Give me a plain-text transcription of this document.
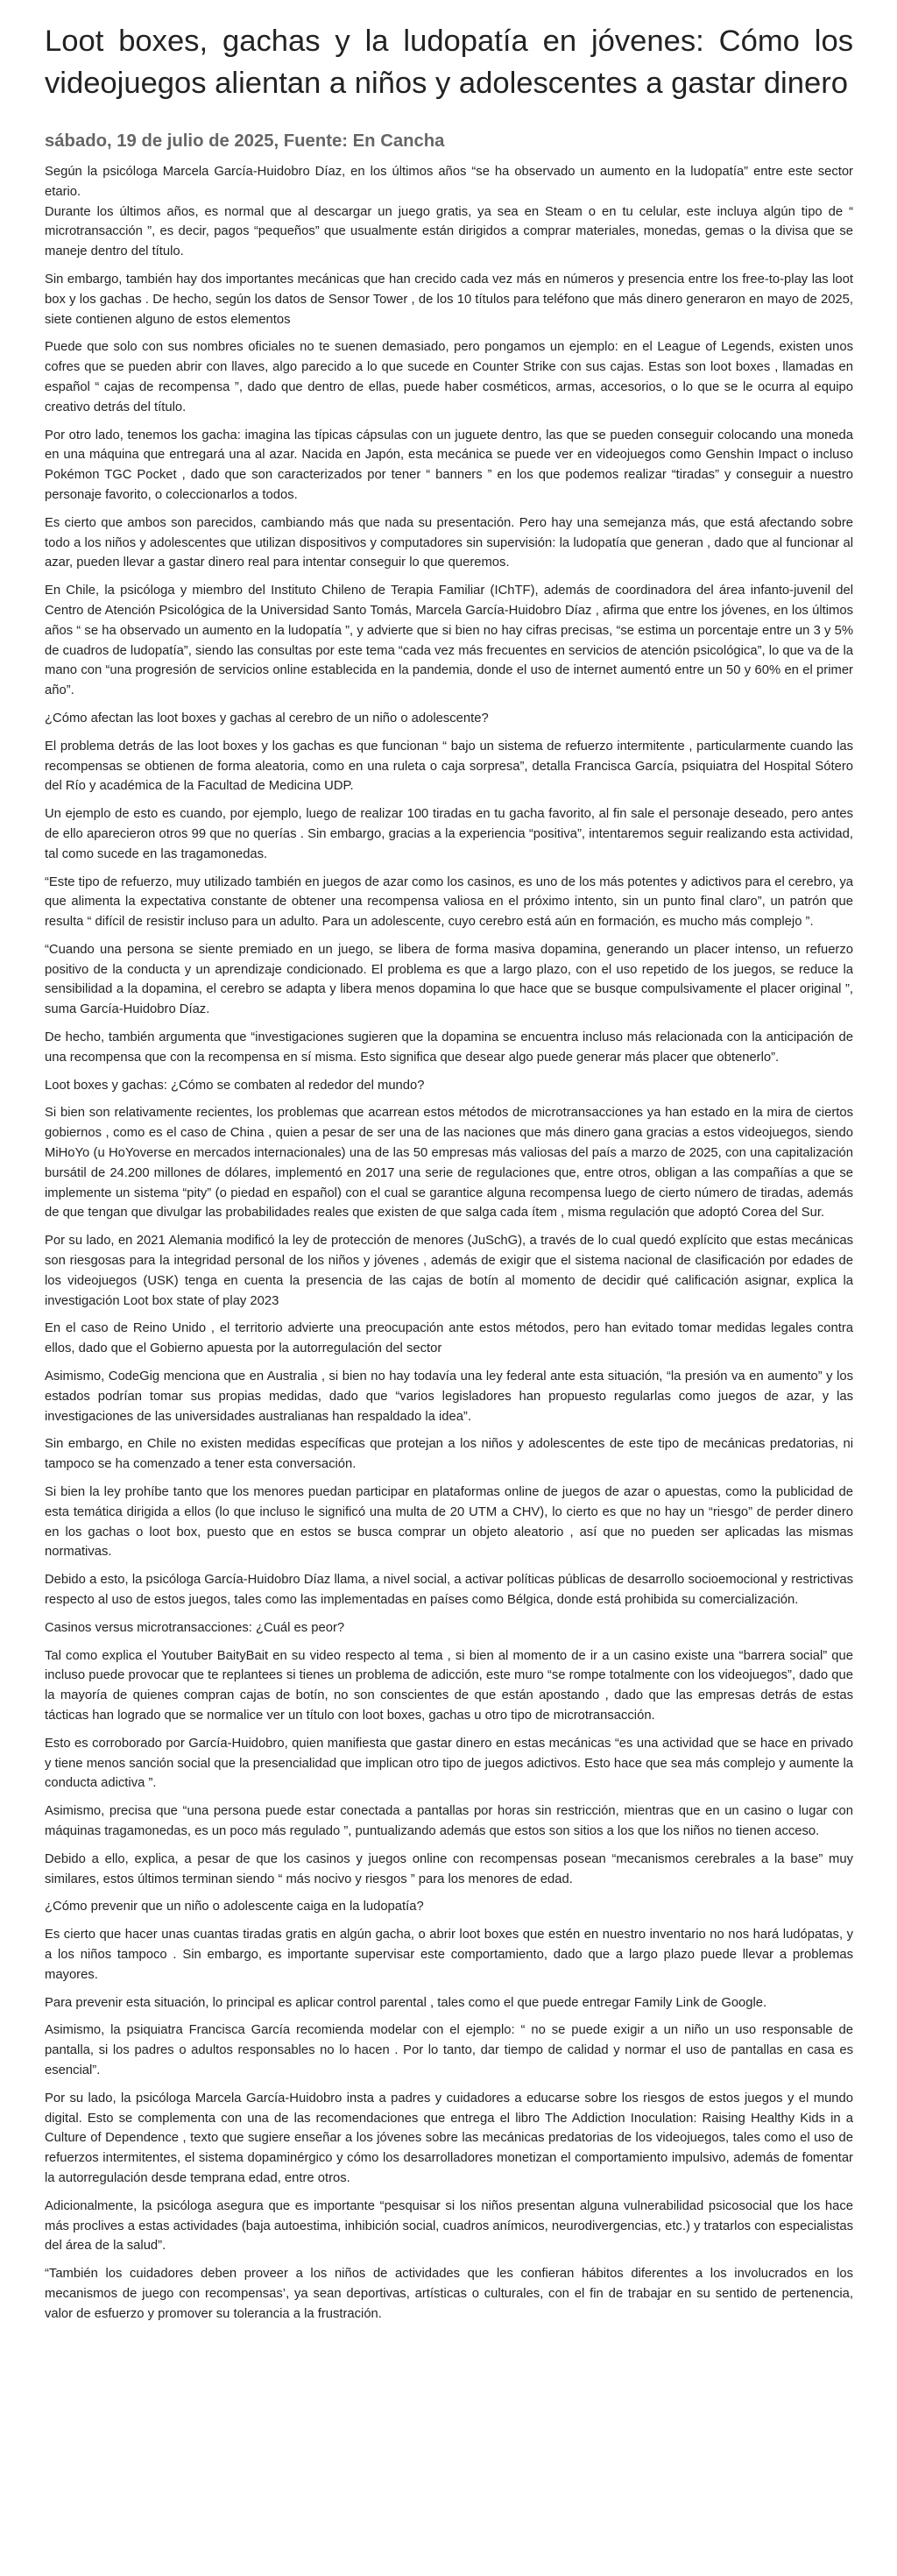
Loot boxes, gachas y la ludopatía en jóvenes: Cómo los videojuegos alientan a niños y adolescentes a gastar dinero
sábado, 19 de julio de 2025, Fuente: En Cancha

Según la psicóloga Marcela García-Huidobro Díaz, en los últimos años “se ha observado un aumento en la ludopatía” entre este sector etario.
Durante los últimos años, es normal que al descargar un juego gratis, ya sea en Steam o en tu celular, este incluya algún tipo de “ microtransacción ”, es decir, pagos “pequeños” que usualmente están dirigidos a comprar materiales, monedas, gemas o la divisa que se maneje dentro del título.

Sin embargo, también hay dos importantes mecánicas que han crecido cada vez más en números y presencia entre los free-to-play las loot box y los gachas . De hecho, según los datos de Sensor Tower , de los 10 títulos para teléfono que más dinero generaron en mayo de 2025, siete contienen alguno de estos elementos

Puede que solo con sus nombres oficiales no te suenen demasiado, pero pongamos un ejemplo: en el League of Legends, existen unos cofres que se pueden abrir con llaves, algo parecido a lo que sucede en Counter Strike con sus cajas. Estas son loot boxes , llamadas en español “ cajas de recompensa ”, dado que dentro de ellas, puede haber cosméticos, armas, accesorios, o lo que se le ocurra al equipo creativo detrás del título.

Por otro lado, tenemos los gacha: imagina las típicas cápsulas con un juguete dentro, las que se pueden conseguir colocando una moneda en una máquina que entregará una al azar. Nacida en Japón, esta mecánica se puede ver en videojuegos como Genshin Impact o incluso Pokémon TGC Pocket , dado que son caracterizados por tener “ banners ” en los que podemos realizar “tiradas” y conseguir a nuestro personaje favorito, o coleccionarlos a todos.

Es cierto que ambos son parecidos, cambiando más que nada su presentación. Pero hay una semejanza más, que está afectando sobre todo a los niños y adolescentes que utilizan dispositivos y computadores sin supervisión: la ludopatía que generan , dado que al funcionar al azar, pueden llevar a gastar dinero real para intentar conseguir lo que queremos.

En Chile, la psicóloga y miembro del Instituto Chileno de Terapia Familiar (IChTF), además de coordinadora del área infanto-juvenil del Centro de Atención Psicológica de la Universidad Santo Tomás, Marcela García-Huidobro Díaz , afirma que entre los jóvenes, en los últimos años “ se ha observado un aumento en la ludopatía ”, y advierte que si bien no hay cifras precisas, “se estima un porcentaje entre un 3 y 5% de cuadros de ludopatía”, siendo las consultas por este tema “cada vez más frecuentes en servicios de atención psicológica”, lo que va de la mano con “una progresión de servicios online establecida en la pandemia, donde el uso de internet aumentó entre un 50 y 60% en el primer año”.

¿Cómo afectan las loot boxes y gachas al cerebro de un niño o adolescente?

El problema detrás de las loot boxes y los gachas es que funcionan “ bajo un sistema de refuerzo intermitente , particularmente cuando las recompensas se obtienen de forma aleatoria, como en una ruleta o caja sorpresa”, detalla Francisca García, psiquiatra del Hospital Sótero del Río y académica de la Facultad de Medicina UDP.

Un ejemplo de esto es cuando, por ejemplo, luego de realizar 100 tiradas en tu gacha favorito, al fin sale el personaje deseado, pero antes de ello aparecieron otros 99 que no querías . Sin embargo, gracias a la experiencia “positiva”, intentaremos seguir realizando esta actividad, tal como sucede en las tragamonedas.

“Este tipo de refuerzo, muy utilizado también en juegos de azar como los casinos, es uno de los más potentes y adictivos para el cerebro, ya que alimenta la expectativa constante de obtener una recompensa valiosa en el próximo intento, sin un punto final claro”, un patrón que resulta “ difícil de resistir incluso para un adulto. Para un adolescente, cuyo cerebro está aún en formación, es mucho más complejo ”.

“Cuando una persona se siente premiado en un juego, se libera de forma masiva dopamina, generando un placer intenso, un refuerzo positivo de la conducta y un aprendizaje condicionado. El problema es que a largo plazo, con el uso repetido de los juegos, se reduce la sensibilidad a la dopamina, el cerebro se adapta y libera menos dopamina lo que hace que se busque compulsivamente el placer original ”, suma García-Huidobro Díaz.

De hecho, también argumenta que “investigaciones sugieren que la dopamina se encuentra incluso más relacionada con la anticipación de una recompensa que con la recompensa en sí misma. Esto significa que desear algo puede generar más placer que obtenerlo”.

Loot boxes y gachas: ¿Cómo se combaten al rededor del mundo?

Si bien son relativamente recientes, los problemas que acarrean estos métodos de microtransacciones ya han estado en la mira de ciertos gobiernos , como es el caso de China , quien a pesar de ser una de las naciones que más dinero gana gracias a estos videojuegos, siendo MiHoYo (u HoYoverse en mercados internacionales) una de las 50 empresas más valiosas del país a marzo de 2025, con una capitalización bursátil de 24.200 millones de dólares, implementó en 2017 una serie de regulaciones que, entre otros, obligan a las compañías a que se implemente un sistema “pity” (o piedad en español) con el cual se garantice alguna recompensa luego de cierto número de tiradas, además de que tengan que divulgar las probabilidades reales que existen de que salga cada ítem , misma regulación que adoptó Corea del Sur.

Por su lado, en 2021 Alemania modificó la ley de protección de menores (JuSchG), a través de lo cual quedó explícito que estas mecánicas son riesgosas para la integridad personal de los niños y jóvenes , además de exigir que el sistema nacional de clasificación por edades de los videojuegos (USK) tenga en cuenta la presencia de las cajas de botín al momento de decidir qué calificación asignar, explica la investigación Loot box state of play 2023

En el caso de Reino Unido , el territorio advierte una preocupación ante estos métodos, pero han evitado tomar medidas legales contra ellos, dado que el Gobierno apuesta por la autorregulación del sector

Asimismo, CodeGig menciona que en Australia , si bien no hay todavía una ley federal ante esta situación, “la presión va en aumento” y los estados podrían tomar sus propias medidas, dado que “varios legisladores han propuesto regularlas como juegos de azar, y las investigaciones de las universidades australianas han respaldado la idea”.

Sin embargo, en Chile no existen medidas específicas que protejan a los niños y adolescentes de este tipo de mecánicas predatorias, ni tampoco se ha comenzado a tener esta conversación.

Si bien la ley prohíbe tanto que los menores puedan participar en plataformas online de juegos de azar o apuestas, como la publicidad de esta temática dirigida a ellos (lo que incluso le significó una multa de 20 UTM a CHV), lo cierto es que no hay un “riesgo” de perder dinero en los gachas o loot box, puesto que en estos se busca comprar un objeto aleatorio , así que no pueden ser aplicadas las mismas normativas.

Debido a esto, la psicóloga García-Huidobro Díaz llama, a nivel social, a activar políticas públicas de desarrollo socioemocional y restrictivas respecto al uso de estos juegos, tales como las implementadas en países como Bélgica, donde está prohibida su comercialización.

Casinos versus microtransacciones: ¿Cuál es peor?

Tal como explica el Youtuber BaityBait en su video respecto al tema , si bien al momento de ir a un casino existe una “barrera social” que incluso puede provocar que te replantees si tienes un problema de adicción, este muro “se rompe totalmente con los videojuegos”, dado que la mayoría de quienes compran cajas de botín, no son conscientes de que están apostando , dado que las empresas detrás de estas tácticas han logrado que se normalice ver un título con loot boxes, gachas u otro tipo de microtransacción.

Esto es corroborado por García-Huidobro, quien manifiesta que gastar dinero en estas mecánicas “es una actividad que se hace en privado y tiene menos sanción social que la presencialidad que implican otro tipo de juegos adictivos. Esto hace que sea más complejo y aumente la conducta adictiva ”.

Asimismo, precisa que “una persona puede estar conectada a pantallas por horas sin restricción, mientras que en un casino o lugar con máquinas tragamonedas, es un poco más regulado ”, puntualizando además que estos son sitios a los que los niños no tienen acceso.

Debido a ello, explica, a pesar de que los casinos y juegos online con recompensas posean “mecanismos cerebrales a la base” muy similares, estos últimos terminan siendo “ más nocivo y riesgos ” para los menores de edad.

¿Cómo prevenir que un niño o adolescente caiga en la ludopatía?

Es cierto que hacer unas cuantas tiradas gratis en algún gacha, o abrir loot boxes que estén en nuestro inventario no nos hará ludópatas, y a los niños tampoco . Sin embargo, es importante supervisar este comportamiento, dado que a largo plazo puede llevar a problemas mayores.

Para prevenir esta situación, lo principal es aplicar control parental , tales como el que puede entregar Family Link de Google.

Asimismo, la psiquiatra Francisca García recomienda modelar con el ejemplo: “ no se puede exigir a un niño un uso responsable de pantalla, si los padres o adultos responsables no lo hacen . Por lo tanto, dar tiempo de calidad y normar el uso de pantallas en casa es esencial”.

Por su lado, la psicóloga Marcela García-Huidobro insta a padres y cuidadores a educarse sobre los riesgos de estos juegos y el mundo digital. Esto se complementa con una de las recomendaciones que entrega el libro The Addiction Inoculation: Raising Healthy Kids in a Culture of Dependence , texto que sugiere enseñar a los jóvenes sobre las mecánicas predatorias de los videojuegos, tales como el uso de refuerzos intermitentes, el sistema dopaminérgico y cómo los desarrolladores monetizan el comportamiento impulsivo, además de fomentar la autorregulación desde temprana edad, entre otros.

Adicionalmente, la psicóloga asegura que es importante “pesquisar si los niños presentan alguna vulnerabilidad psicosocial que los hace más proclives a estas actividades (baja autoestima, inhibición social, cuadros anímicos, neurodivergencias, etc.) y tratarlos con especialistas del área de la salud”.

“También los cuidadores deben proveer a los niños de actividades que les confieran hábitos diferentes a los involucrados en los mecanismos de juego con recompensas’, ya sean deportivas, artísticas o culturales, con el fin de trabajar en su sentido de pertenencia, valor de esfuerzo y promover su tolerancia a la frustración.
